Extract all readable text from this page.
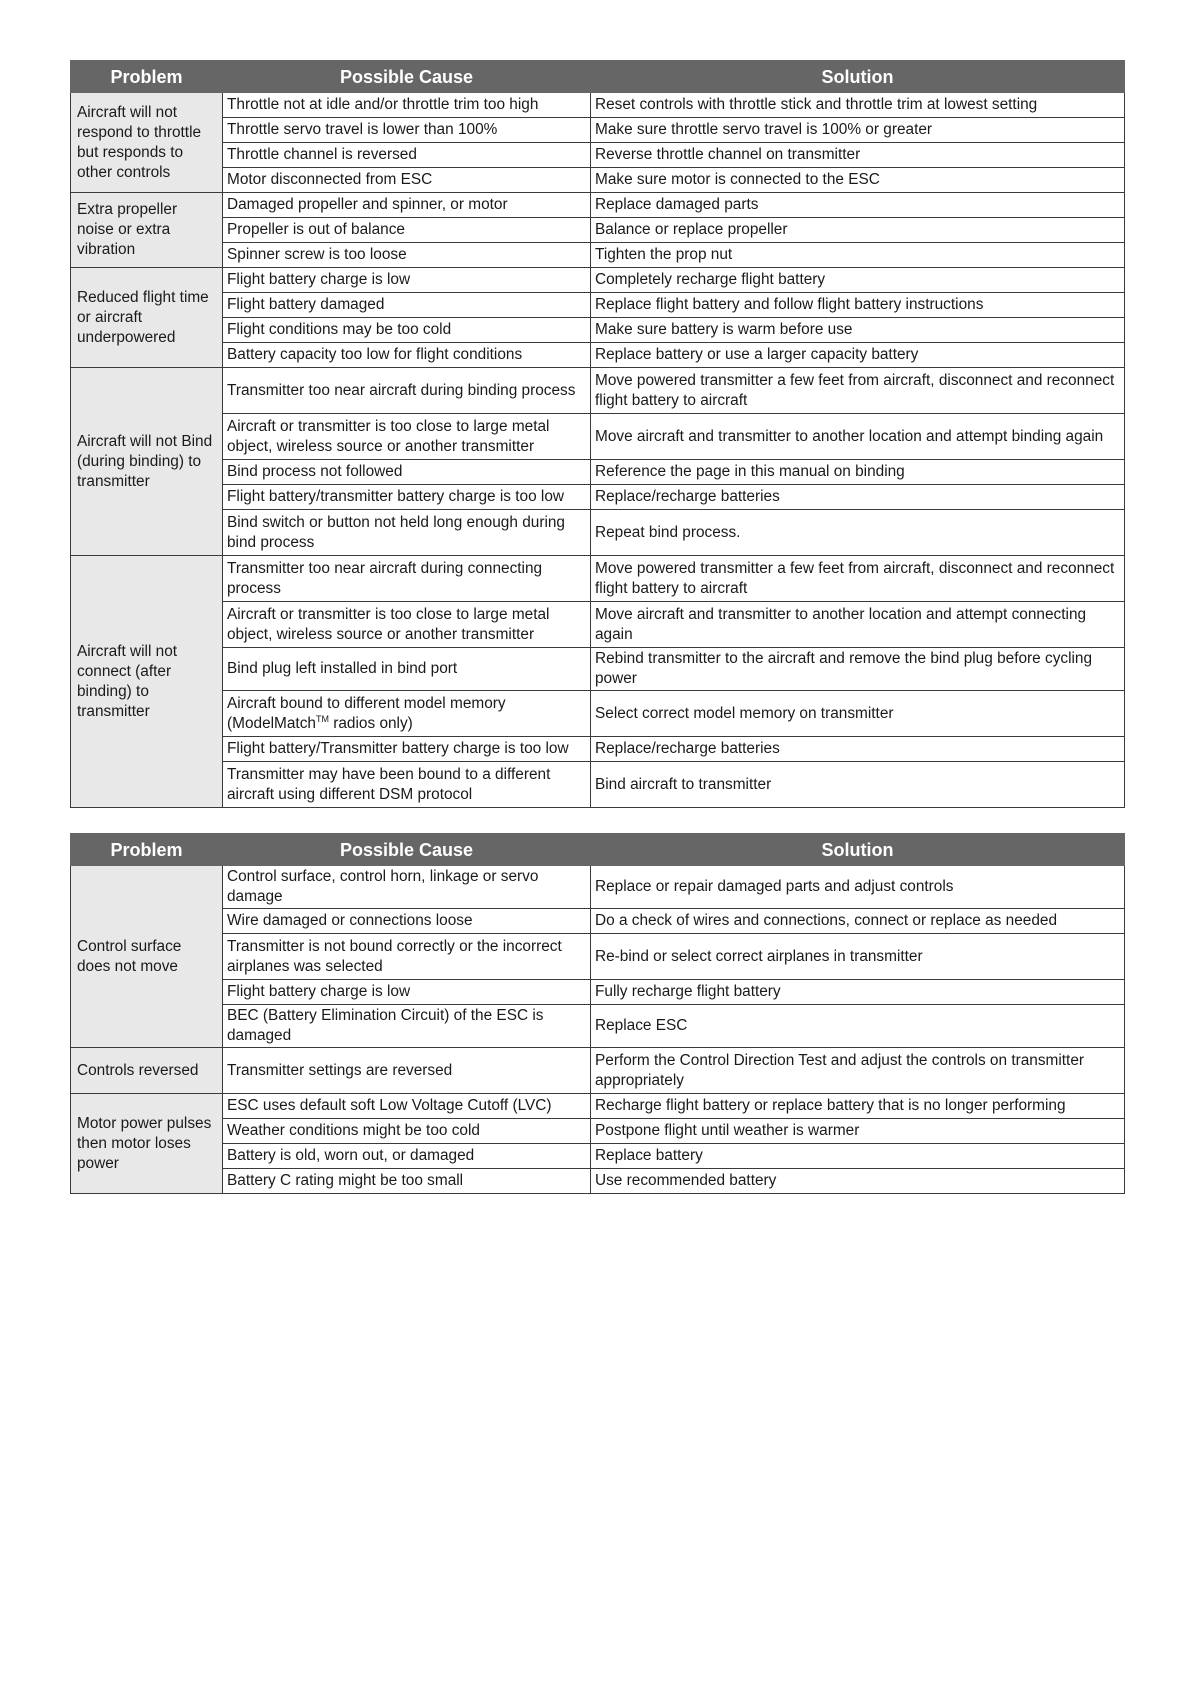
Problem	Possible Cause	Solution
Aircraft will not respond to throttle but responds to other controls	Throttle not at idle and/or throttle trim too high	Reset controls with throttle stick and throttle trim at lowest setting
	Throttle servo travel is lower than 100%	Make sure throttle servo travel is 100% or greater
	Throttle channel is reversed	Reverse throttle channel on transmitter
	Motor disconnected from ESC	Make sure motor is connected to the ESC
Extra propeller noise or extra vibration	Damaged propeller and spinner, or motor	Replace damaged parts
	Propeller is out of balance	Balance or replace propeller
	Spinner screw is too loose	Tighten the prop nut
Reduced flight time or aircraft underpowered	Flight battery charge is low	Completely recharge flight battery
	Flight battery damaged	Replace flight battery and follow flight battery instructions
	Flight conditions may be too cold	Make sure battery is warm before use
	Battery capacity too low for flight conditions	Replace battery or use a larger capacity battery
Aircraft will not Bind (during binding) to transmitter	Transmitter too near aircraft during binding process	Move powered transmitter a few feet from aircraft, disconnect and reconnect flight battery to aircraft
	Aircraft or transmitter is too close to large metal object, wireless source or another transmitter	Move aircraft and transmitter to another location and attempt binding again
	Bind process not followed	Reference the page in this manual on binding
	Flight battery/transmitter battery charge is too low	Replace/recharge batteries
	Bind switch or button not held long enough during bind process	Repeat bind process.
Aircraft will not connect (after binding) to transmitter	Transmitter too near aircraft during connecting process	Move powered transmitter a few feet from aircraft, disconnect and reconnect flight battery to aircraft
	Aircraft or transmitter is too close to large metal object, wireless source or another transmitter	Move aircraft and transmitter to another location and attempt connecting again
	Bind plug left installed in bind port	Rebind transmitter to the aircraft and remove the bind plug before cycling power
	Aircraft bound to different model memory (ModelMatch™ radios only)	Select correct model memory on transmitter
	Flight battery/Transmitter battery charge is too low	Replace/recharge batteries
	Transmitter may have been bound to a different aircraft using different DSM protocol	Bind aircraft to transmitter
Problem	Possible Cause	Solution
Control surface does not move	Control surface, control horn, linkage or servo damage	Replace or repair damaged parts and adjust controls
	Wire damaged or connections loose	Do a check of wires and connections, connect or replace as needed
	Transmitter is not bound correctly or the incorrect airplanes was selected	Re-bind or select correct airplanes in transmitter
	Flight battery charge is low	Fully recharge flight battery
	BEC (Battery Elimination Circuit) of the ESC is damaged	Replace ESC
Controls reversed	Transmitter settings are reversed	Perform the Control Direction Test and adjust the controls on transmitter appropriately
Motor power pulses then motor loses power	ESC uses default soft Low Voltage Cutoff (LVC)	Recharge flight battery or replace battery that is no longer performing
	Weather conditions might be too cold	Postpone flight until weather is warmer
	Battery is old, worn out, or damaged	Replace battery
	Battery C rating might be too small	Use recommended battery
